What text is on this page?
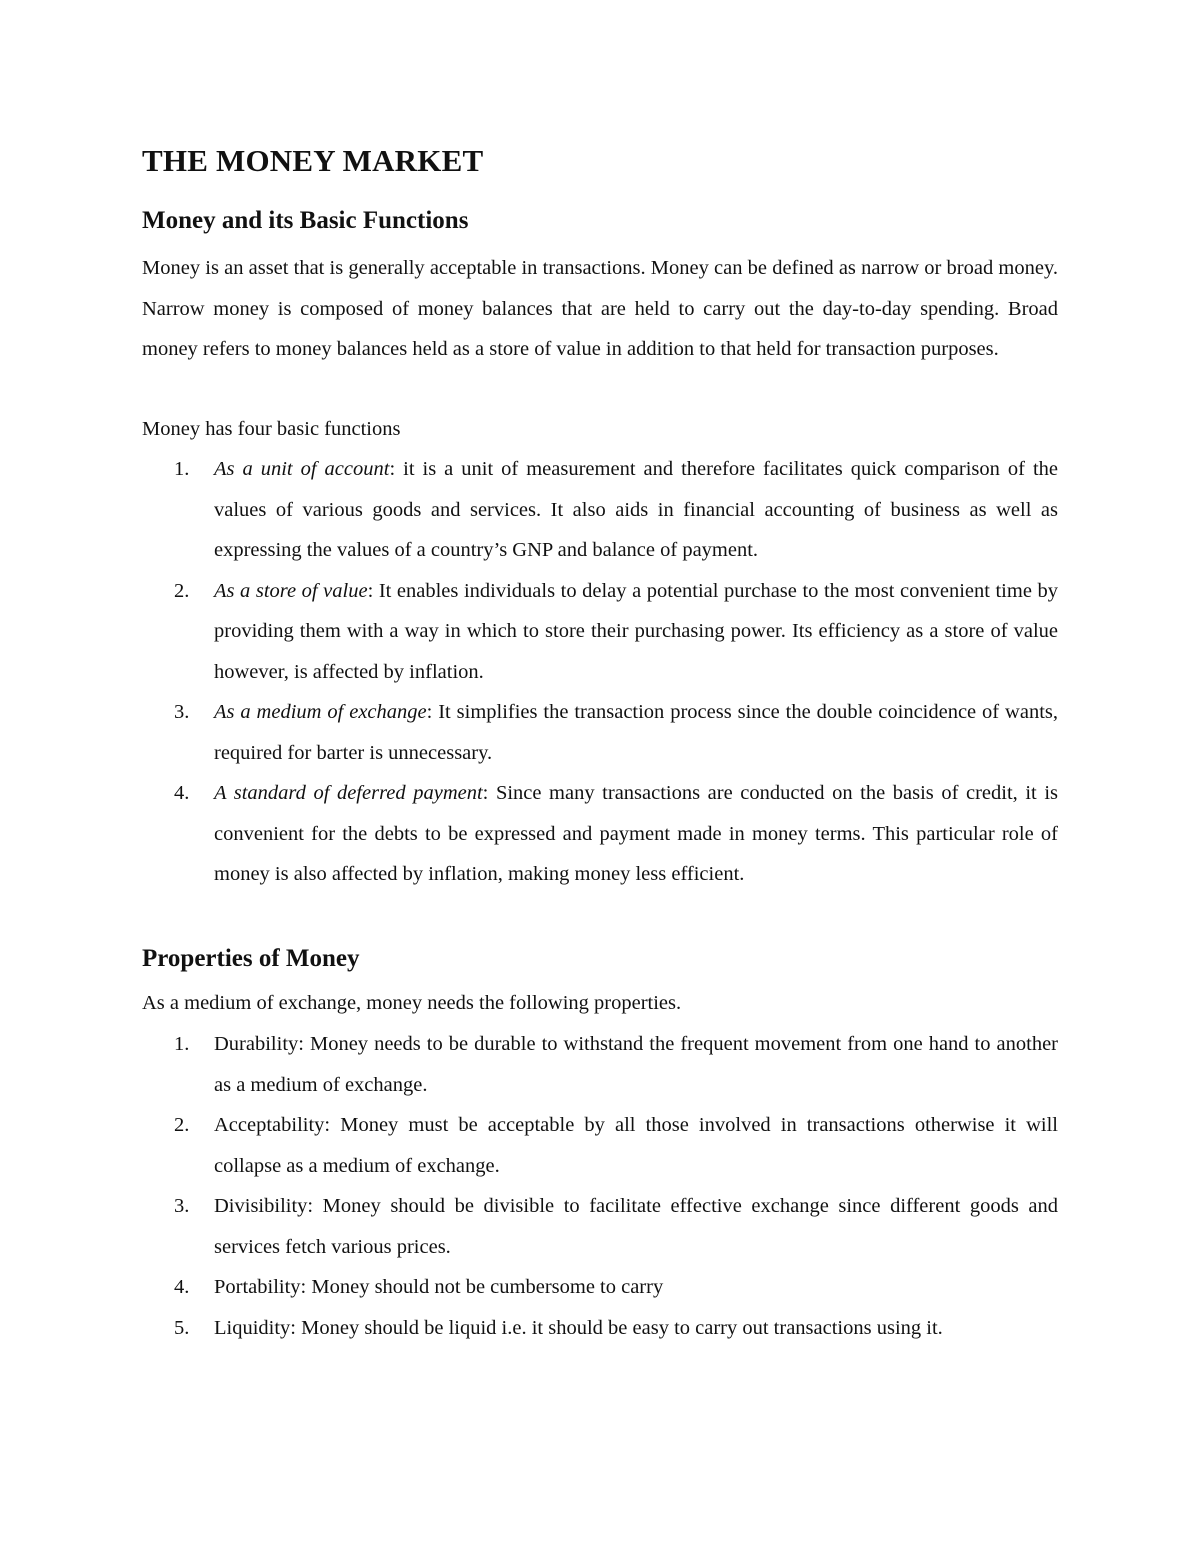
THE MONEY MARKET
Money and its Basic Functions

Money is an asset that is generally acceptable in transactions. Money can be defined as narrow or broad money. Narrow money is composed of money balances that are held to carry out the day-to-day spending. Broad money refers to money balances held as a store of value in addition to that held for transaction purposes.

Money has four basic functions

1. As a unit of account: it is a unit of measurement and therefore facilitates quick comparison of the values of various goods and services. It also aids in financial accounting of business as well as expressing the values of a country’s GNP and balance of payment.
2. As a store of value: It enables individuals to delay a potential purchase to the most convenient time by providing them with a way in which to store their purchasing power. Its efficiency as a store of value however, is affected by inflation.
3. As a medium of exchange: It simplifies the transaction process since the double coincidence of wants, required for barter is unnecessary.
4. A standard of deferred payment: Since many transactions are conducted on the basis of credit, it is convenient for the debts to be expressed and payment made in money terms. This particular role of money is also affected by inflation, making money less efficient.
Properties of Money

As a medium of exchange, money needs the following properties.

1. Durability: Money needs to be durable to withstand the frequent movement from one hand to another as a medium of exchange.
2. Acceptability: Money must be acceptable by all those involved in transactions otherwise it will collapse as a medium of exchange.
3. Divisibility: Money should be divisible to facilitate effective exchange since different goods and services fetch various prices.
4. Portability: Money should not be cumbersome to carry
5. Liquidity: Money should be liquid i.e. it should be easy to carry out transactions using it.
